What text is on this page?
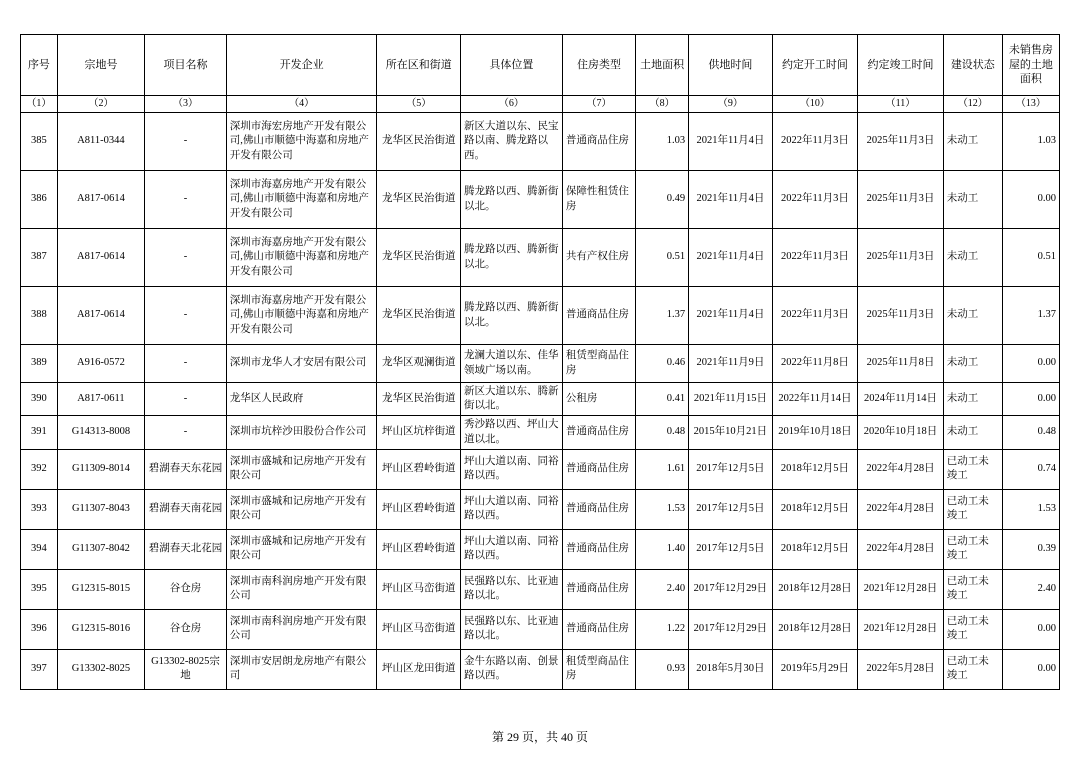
序号	宗地号	项目名称	开发企业	所在区和街道	具体位置	住房类型	土地面积	供地时间	约定开工时间	约定竣工时间	建设状态	未销售房屋的土地面积
（1）	（2）	（3）	（4）	（5）	（6）	（7）	（8）	（9）	（10）	（11）	（12）	（13）
385	A811-0344	-	深圳市海宏房地产开发有限公司,佛山市顺德中海嘉和房地产开发有限公司	龙华区民治街道	新区大道以东、民宝路以南、腾龙路以西。	普通商品住房	1.03	2021年11月4日	2022年11月3日	2025年11月3日	未动工	1.03
386	A817-0614	-	深圳市海嘉房地产开发有限公司,佛山市顺德中海嘉和房地产开发有限公司	龙华区民治街道	腾龙路以西、腾新街以北。	保障性租赁住房	0.49	2021年11月4日	2022年11月3日	2025年11月3日	未动工	0.00
387	A817-0614	-	深圳市海嘉房地产开发有限公司,佛山市顺德中海嘉和房地产开发有限公司	龙华区民治街道	腾龙路以西、腾新街以北。	共有产权住房	0.51	2021年11月4日	2022年11月3日	2025年11月3日	未动工	0.51
388	A817-0614	-	深圳市海嘉房地产开发有限公司,佛山市顺德中海嘉和房地产开发有限公司	龙华区民治街道	腾龙路以西、腾新街以北。	普通商品住房	1.37	2021年11月4日	2022年11月3日	2025年11月3日	未动工	1.37
389	A916-0572	-	深圳市龙华人才安居有限公司	龙华区观澜街道	龙澜大道以东、佳华领域广场以南。	租赁型商品住房	0.46	2021年11月9日	2022年11月8日	2025年11月8日	未动工	0.00
390	A817-0611	-	龙华区人民政府	龙华区民治街道	新区大道以东、腾新街以北。	公租房	0.41	2021年11月15日	2022年11月14日	2024年11月14日	未动工	0.00
391	G14313-8008	-	深圳市坑梓沙田股份合作公司	坪山区坑梓街道	秀沙路以西、坪山大道以北。	普通商品住房	0.48	2015年10月21日	2019年10月18日	2020年10月18日	未动工	0.48
392	G11309-8014	碧湖春天东花园	深圳市盛城和记房地产开发有限公司	坪山区碧岭街道	坪山大道以南、同裕路以西。	普通商品住房	1.61	2017年12月5日	2018年12月5日	2022年4月28日	已动工未竣工	0.74
393	G11307-8043	碧湖春天南花园	深圳市盛城和记房地产开发有限公司	坪山区碧岭街道	坪山大道以南、同裕路以西。	普通商品住房	1.53	2017年12月5日	2018年12月5日	2022年4月28日	已动工未竣工	1.53
394	G11307-8042	碧湖春天北花园	深圳市盛城和记房地产开发有限公司	坪山区碧岭街道	坪山大道以南、同裕路以西。	普通商品住房	1.40	2017年12月5日	2018年12月5日	2022年4月28日	已动工未竣工	0.39
395	G12315-8015	谷仓房	深圳市南科润房地产开发有限公司	坪山区马峦街道	民强路以东、比亚迪路以北。	普通商品住房	2.40	2017年12月29日	2018年12月28日	2021年12月28日	已动工未竣工	2.40
396	G12315-8016	谷仓房	深圳市南科润房地产开发有限公司	坪山区马峦街道	民强路以东、比亚迪路以北。	普通商品住房	1.22	2017年12月29日	2018年12月28日	2021年12月28日	已动工未竣工	0.00
397	G13302-8025	G13302-8025宗地	深圳市安居朗龙房地产有限公司	坪山区龙田街道	金牛东路以南、创景路以西。	租赁型商品住房	0.93	2018年5月30日	2019年5月29日	2022年5月28日	已动工未竣工	0.00
第 29 页，共 40 页
